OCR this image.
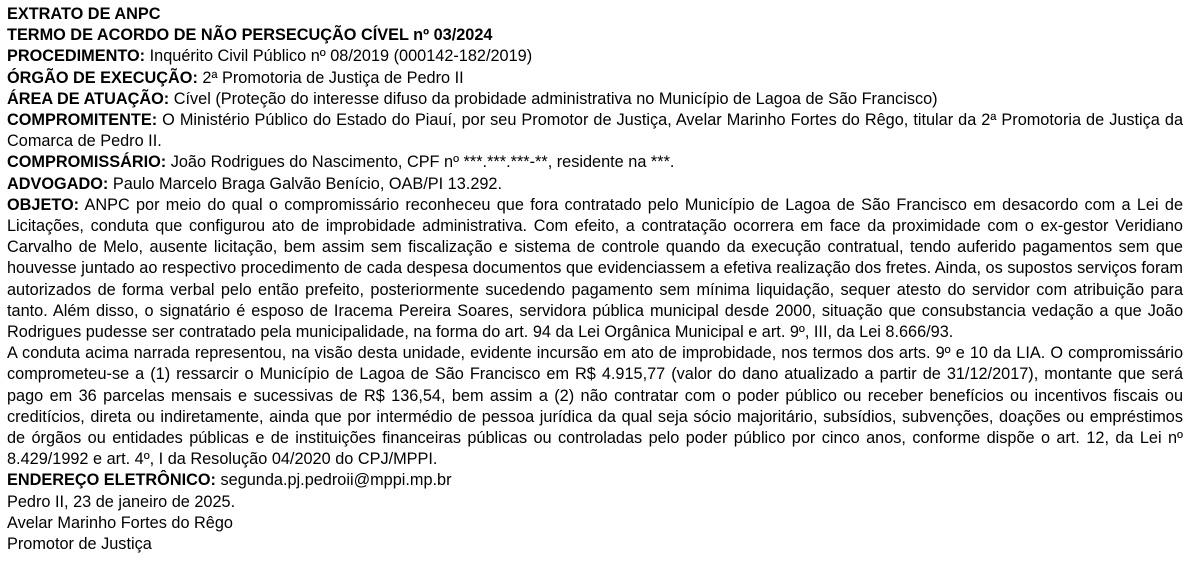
EXTRATO DE ANPC
TERMO DE ACORDO DE NÃO PERSECUÇÃO CÍVEL nº 03/2024
PROCEDIMENTO: Inquérito Civil Público nº 08/2019 (000142-182/2019)
ÓRGÃO DE EXECUÇÃO: 2ª Promotoria de Justiça de Pedro II
ÁREA DE ATUAÇÃO: Cível (Proteção do interesse difuso da probidade administrativa no Município de Lagoa de São Francisco)
COMPROMITENTE: O Ministério Público do Estado do Piauí, por seu Promotor de Justiça, Avelar Marinho Fortes do Rêgo, titular da 2ª Promotoria de Justiça da Comarca de Pedro II.
COMPROMISSÁRIO: João Rodrigues do Nascimento, CPF nº ***.***.***-**, residente na ***.
ADVOGADO: Paulo Marcelo Braga Galvão Benício, OAB/PI 13.292.
OBJETO: ANPC por meio do qual o compromissário reconheceu que fora contratado pelo Município de Lagoa de São Francisco em desacordo com a Lei de Licitações, conduta que configurou ato de improbidade administrativa. Com efeito, a contratação ocorrera em face da proximidade com o ex-gestor Veridiano Carvalho de Melo, ausente licitação, bem assim sem fiscalização e sistema de controle quando da execução contratual, tendo auferido pagamentos sem que houvesse juntado ao respectivo procedimento de cada despesa documentos que evidenciassem a efetiva realização dos fretes. Ainda, os supostos serviços foram autorizados de forma verbal pelo então prefeito, posteriormente sucedendo pagamento sem mínima liquidação, sequer atesto do servidor com atribuição para tanto. Além disso, o signatário é esposo de Iracema Pereira Soares, servidora pública municipal desde 2000, situação que consubstancia vedação a que João Rodrigues pudesse ser contratado pela municipalidade, na forma do art. 94 da Lei Orgânica Municipal e art. 9º, III, da Lei 8.666/93.
A conduta acima narrada representou, na visão desta unidade, evidente incursão em ato de improbidade, nos termos dos arts. 9º e 10 da LIA. O compromissário comprometeu-se a (1) ressarcir o Município de Lagoa de São Francisco em R$ 4.915,77 (valor do dano atualizado a partir de 31/12/2017), montante que será pago em 36 parcelas mensais e sucessivas de R$ 136,54, bem assim a (2) não contratar com o poder público ou receber benefícios ou incentivos fiscais ou creditícios, direta ou indiretamente, ainda que por intermédio de pessoa jurídica da qual seja sócio majoritário, subsídios, subvenções, doações ou empréstimos de órgãos ou entidades públicas e de instituições financeiras públicas ou controladas pelo poder público por cinco anos, conforme dispõe o art. 12, da Lei nº 8.429/1992 e art. 4º, I da Resolução 04/2020 do CPJ/MPPI.
ENDEREÇO ELETRÔNICO: segunda.pj.pedroii@mppi.mp.br
Pedro II, 23 de janeiro de 2025.
Avelar Marinho Fortes do Rêgo
Promotor de Justiça
